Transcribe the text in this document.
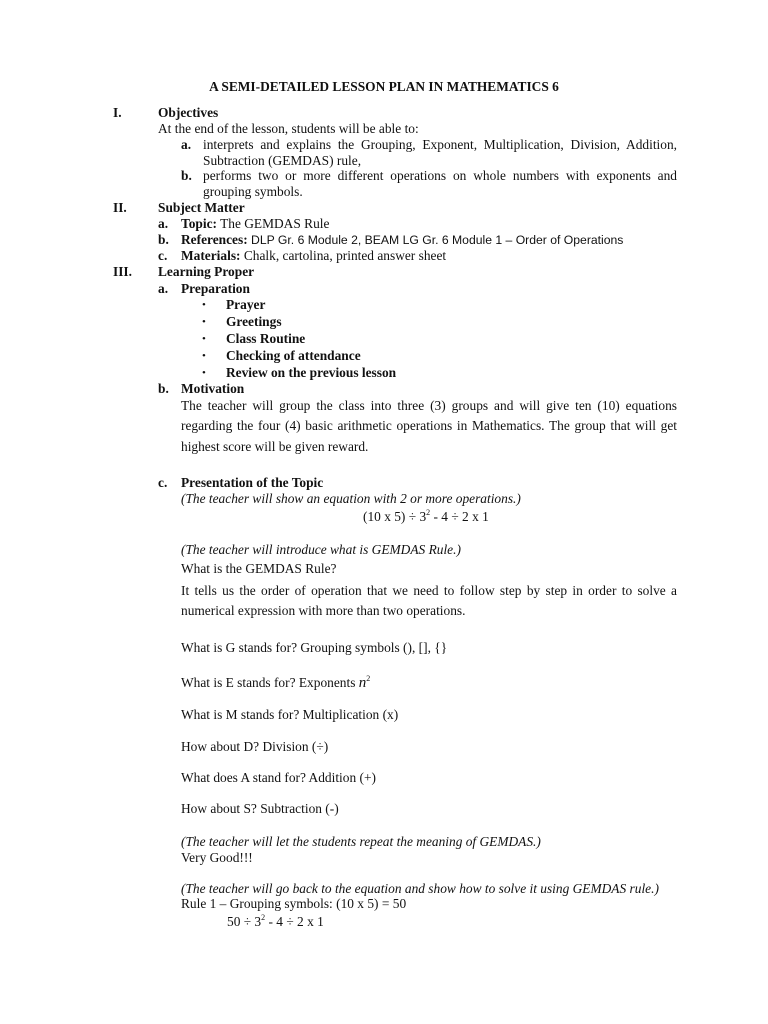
A SEMI-DETAILED LESSON PLAN IN MATHEMATICS 6
I.	Objectives
At the end of the lesson, students will be able to:
a. interprets and explains the Grouping, Exponent, Multiplication, Division, Addition,
Subtraction (GEMDAS) rule,
b. performs two or more different operations on whole numbers with exponents and
grouping symbols.
II. Subject Matter
a. Topic: The GEMDAS Rule
b. References: DLP Gr. 6 Module 2, BEAM LG Gr. 6 Module 1 – Order of Operations
c. Materials: Chalk, cartolina, printed answer sheet
III. Learning Proper
a. Preparation
• Prayer
• Greetings
• Class Routine
• Checking of attendance
• Review on the previous lesson
b. Motivation
The teacher will group the class into three (3) groups and will give ten (10) equations
regarding the four (4) basic arithmetic operations in Mathematics. The group that will get
highest score will be given reward.
c. Presentation of the Topic
(The teacher will show an equation with 2 or more operations.)
(10 x $5) \div 3^2 - 4 \div 2$ x 1
(The teacher will introduce what is GEMDAS Rule.)
What is the GEMDAS Rule?
It tells us the order of operation that we need to follow step by step in order to solve a
numerical expression with more than two operations.
What is G stands for? Grouping symbols (), [], {}
What is E stands for? Exponents $n^2$
What is M stands for? Multiplication (x)
How about D? Division (÷)
What does A stand for? Addition (+)
How about S? Subtraction (-)
(The teacher will let the students repeat the meaning of GEMDAS.)
Very Good!!!
(The teacher will go back to the equation and show how to solve it using GEMDAS rule.)
Rule 1 – Grouping symbols: (10 x 5) = 50
$50 \div 3^2 - 4 \div 2$ x 1
